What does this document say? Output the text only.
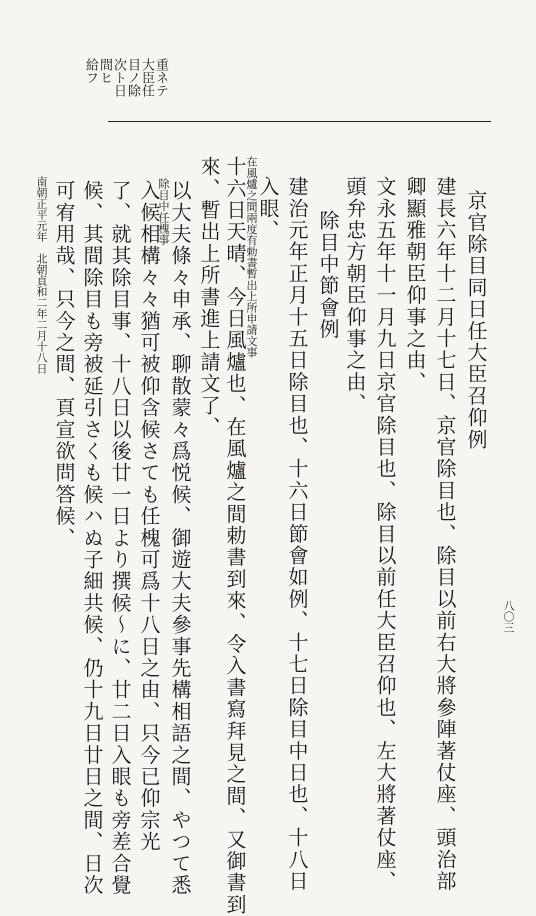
重ネテ
大臣任
目ノ除
次ト日
間ヒ
給フ
京官除目同日任大臣召仰例
建長六年十二月十七日、京官除目也、除目以前右大將參陣著仗座、頭治部
卿顯雅朝臣仰事之由、
文永五年十一月九日京官除目也、除目以前任大臣召仰也、左大將著仗座、
頭弁忠方朝臣仰事之由、
除目中節會例
建治元年正月十五日除目也、十六日節會如例、十七日除目中日也、十八日
入眼、
在風爐之間兩度有勅書暫出上所申請文事
十六日天晴、今日風爐也、在風爐之間勅書到來、令入書寫拜見之間、又御書到
來、暫出上所書進上請文了、
以大夫條々申承、聊散蒙々爲悦候、御遊大夫參事先構相語之間、やつて悉
除目中任槐事
入候相構々々猶可被仰含候さても任槐可爲十八日之由、只今已仰宗光
了、就其除目事、十八日以後廿一日より撰候～に、廿二日入眼も旁差合覺
候、其間除目も旁被延引さくも候ハぬ子細共候、仍十九日廿日之間、日次
可宥用哉、只今之間、頁宣欲問答候、
南朝正平元年　北朝貞和二年二月十八日
八〇三
